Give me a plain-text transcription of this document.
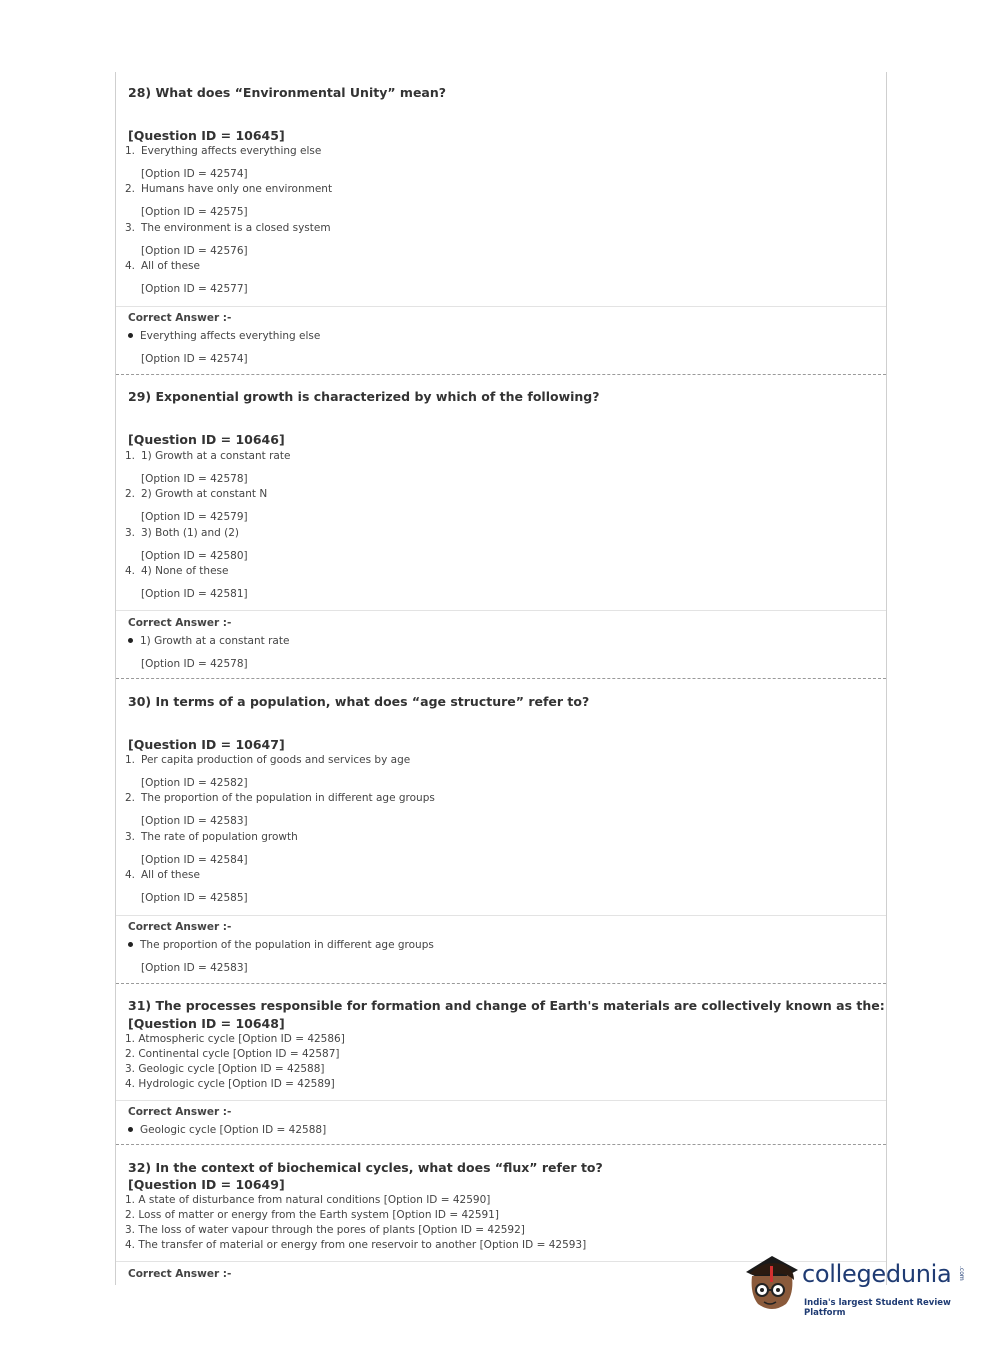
28) What does “Environmental Unity” mean?
[Question ID = 10645]
1. Everything affects everything else
[Option ID = 42574]
2. Humans have only one environment
[Option ID = 42575]
3. The environment is a closed system
[Option ID = 42576]
4. All of these
[Option ID = 42577]
Correct Answer :-
Everything affects everything else
[Option ID = 42574]
29) Exponential growth is characterized by which of the following?
[Question ID = 10646]
1. 1) Growth at a constant rate
[Option ID = 42578]
2. 2) Growth at constant N
[Option ID = 42579]
3. 3) Both (1) and (2)
[Option ID = 42580]
4. 4) None of these
[Option ID = 42581]
Correct Answer :-
1) Growth at a constant rate
[Option ID = 42578]
30) In terms of a population, what does “age structure” refer to?
[Question ID = 10647]
1. Per capita production of goods and services by age
[Option ID = 42582]
2. The proportion of the population in different age groups
[Option ID = 42583]
3. The rate of population growth
[Option ID = 42584]
4. All of these
[Option ID = 42585]
Correct Answer :-
The proportion of the population in different age groups
[Option ID = 42583]
31) The processes responsible for formation and change of Earth's materials are collectively known as the:
[Question ID = 10648]
1. Atmospheric cycle [Option ID = 42586]
2. Continental cycle [Option ID = 42587]
3. Geologic cycle [Option ID = 42588]
4. Hydrologic cycle [Option ID = 42589]
Correct Answer :-
Geologic cycle [Option ID = 42588]
32) In the context of biochemical cycles, what does “flux” refer to?
[Question ID = 10649]
1. A state of disturbance from natural conditions [Option ID = 42590]
2. Loss of matter or energy from the Earth system [Option ID = 42591]
3. The loss of water vapour through the pores of plants [Option ID = 42592]
4. The transfer of material or energy from one reservoir to another [Option ID = 42593]
Correct Answer :-	collegedunia .com
India's largest Student Review Platform
